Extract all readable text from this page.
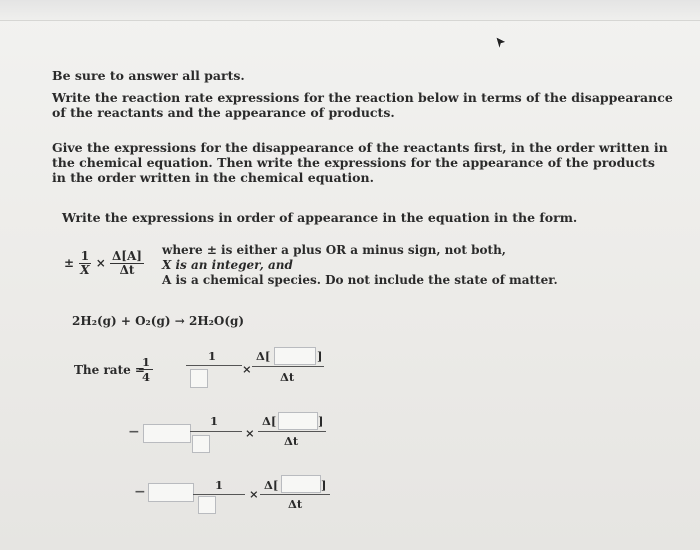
Be sure to answer all parts.

Write the reaction rate expressions for the reaction below in terms of the disappearance of the reactants and the appearance of products.

Give the expressions for the disappearance of the reactants first, in the order written in the chemical equation. Then write the expressions for the appearance of the products in the order written in the chemical equation.

Write the expressions in order of appearance in the equation in the form.

± $\frac{1}{X} \times \frac{\Delta[A]}{\Delta t}$ where ± is either a plus OR a minus sign, not both,
X is an integer, and
A is a chemical species. Do not include the state of matter.
2H₂(g) + O₂(g) → 2H₂O(g)
The rate =
$\frac{1}{4}$	1
×
Δ[	]
Δt
−
1
×
Δ[	]
Δt
−	1
×
Δ[	]
Δt
